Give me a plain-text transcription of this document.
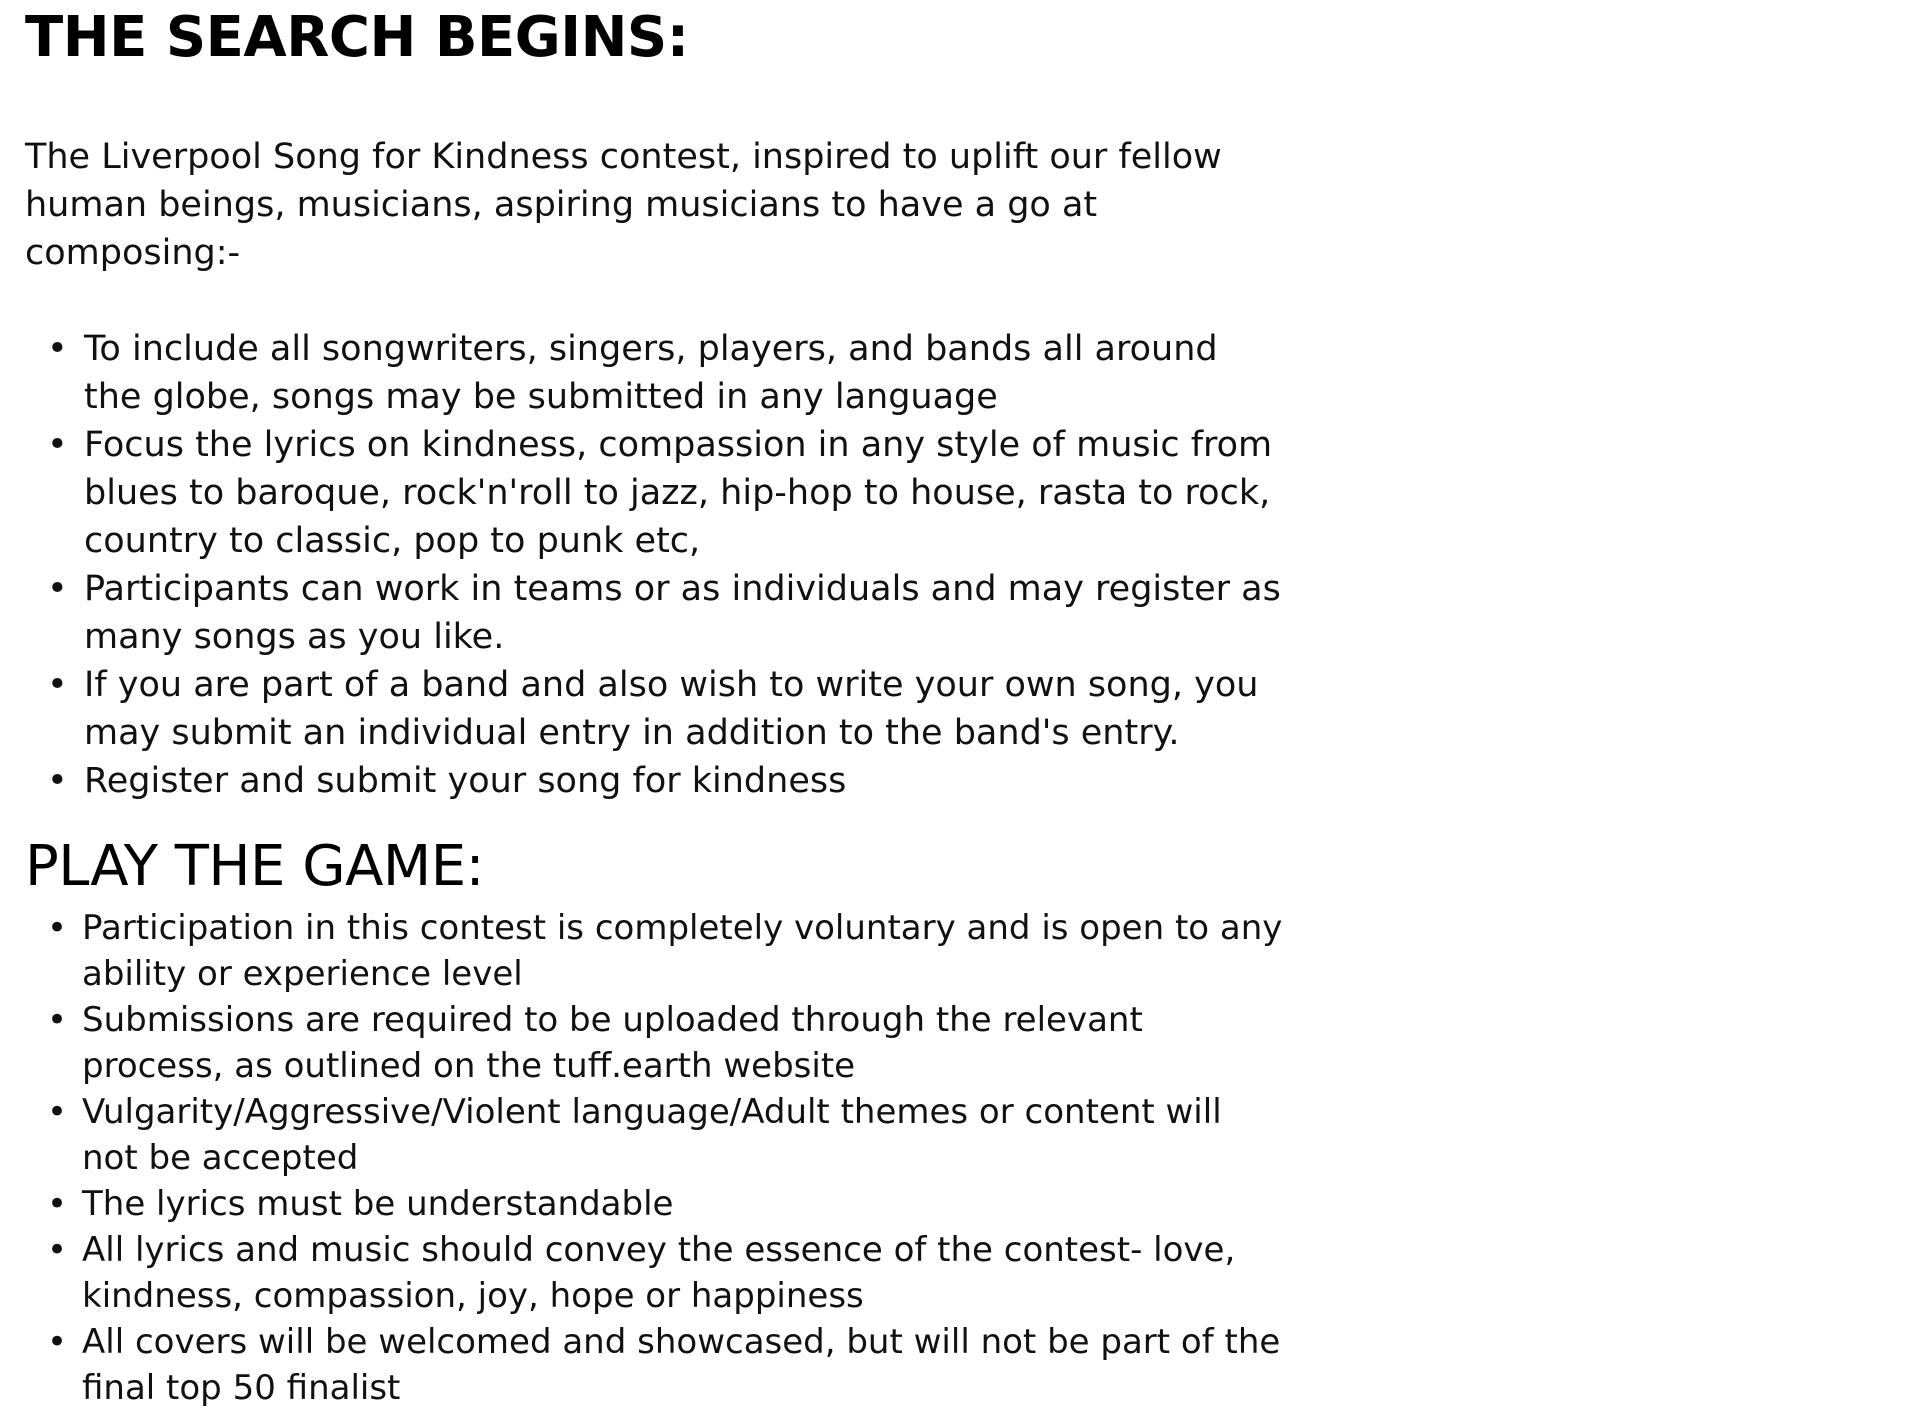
THE SEARCH BEGINS:

The Liverpool Song for Kindness contest, inspired to uplift our fellow human beings, musicians, aspiring musicians to have a go at composing:-

• To include all songwriters, singers, players, and bands all around the globe, songs may be submitted in any language
• Focus the lyrics on kindness, compassion in any style of music from blues to baroque, rock'n'roll to jazz, hip-hop to house, rasta to rock, country to classic, pop to punk etc,
• Participants can work in teams or as individuals and may register as many songs as you like.
• If you are part of a band and also wish to write your own song, you may submit an individual entry in addition to the band's entry.
• Register and submit your song for kindness
PLAY THE GAME:
• Participation in this contest is completely voluntary and is open to any ability or experience level
• Submissions are required to be uploaded through the relevant process, as outlined on the tuff.earth website
• Vulgarity/Aggressive/Violent language/Adult themes or content will not be accepted
• The lyrics must be understandable
• All lyrics and music should convey the essence of the contest- love, kindness, compassion, joy, hope or happiness
• All covers will be welcomed and showcased, but will not be part of the final top 50 finalist
